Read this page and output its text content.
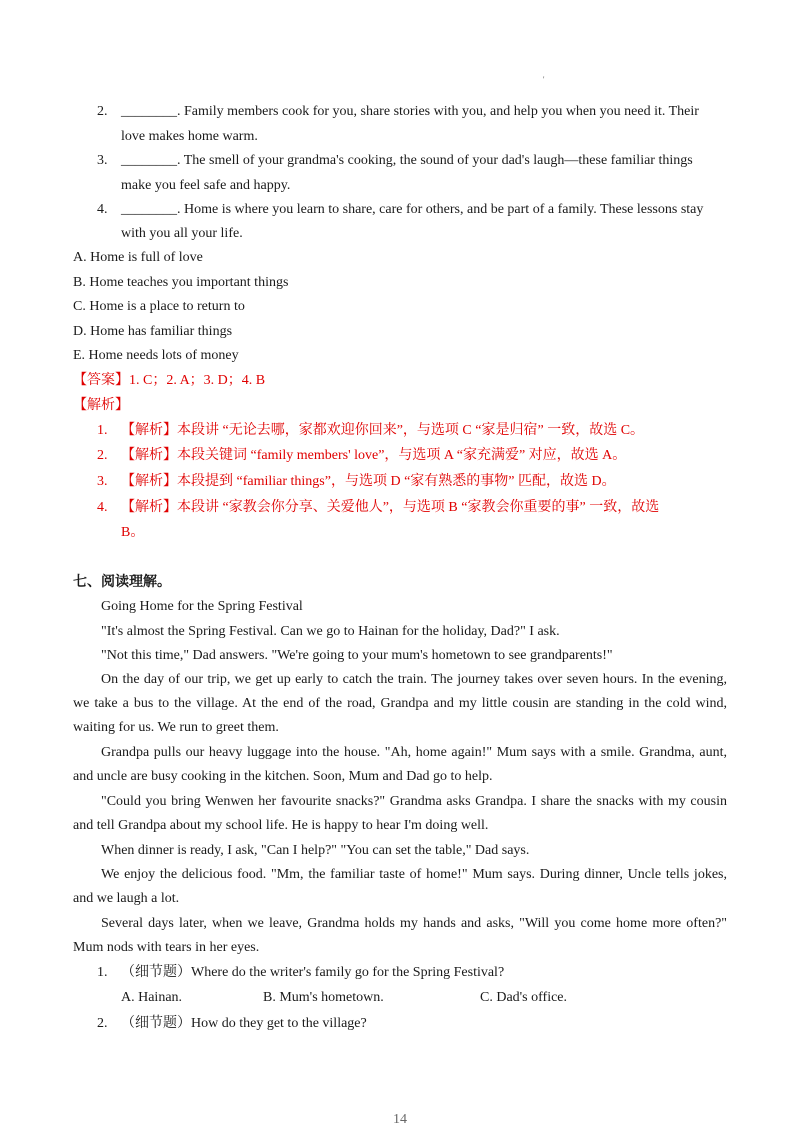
'
2. ________. Family members cook for you, share stories with you, and help you when you need it. Their
love makes home warm.
3. ________. The smell of your grandma's cooking, the sound of your dad's laugh—these familiar things
make you feel safe and happy.
4. ________. Home is where you learn to share, care for others, and be part of a family. These lessons stay
with you all your life.
A. Home is full of love
B. Home teaches you important things
C. Home is a place to return to
D. Home has familiar things
E. Home needs lots of money
【答案】1. C；2. A；3. D；4. B
【解析】
1. 【解析】本段讲 “无论去哪，家都欢迎你回来”，与选项 C “家是归宿” 一致，故选 C。
2. 【解析】本段关键词 “family members' love”，与选项 A “家充满爱” 对应，故选 A。
3. 【解析】本段提到 “familiar things”，与选项 D “家有熟悉的事物” 匹配，故选 D。
4. 【解析】本段讲 “家教会你分享、关爱他人”，与选项 B “家教会你重要的事” 一致，故选
B。
七、阅读理解。
Going Home for the Spring Festival
"It's almost the Spring Festival. Can we go to Hainan for the holiday, Dad?" I ask.
"Not this time," Dad answers. "We're going to your mum's hometown to see grandparents!"
On the day of our trip, we get up early to catch the train. The journey takes over seven hours. In the evening,
we take a bus to the village. At the end of the road, Grandpa and my little cousin are standing in the cold wind,
waiting for us. We run to greet them.
Grandpa pulls our heavy luggage into the house. "Ah, home again!" Mum says with a smile. Grandma, aunt,
and uncle are busy cooking in the kitchen. Soon, Mum and Dad go to help.
"Could you bring Wenwen her favourite snacks?" Grandma asks Grandpa. I share the snacks with my cousin
and tell Grandpa about my school life. He is happy to hear I'm doing well.
When dinner is ready, I ask, "Can I help?" "You can set the table," Dad says.
We enjoy the delicious food. "Mm, the familiar taste of home!" Mum says. During dinner, Uncle tells jokes,
and we laugh a lot.
Several days later, when we leave, Grandma holds my hands and asks, "Will you come home more often?"
Mum nods with tears in her eyes.
1. （细节题）Where do the writer's family go for the Spring Festival?
A. Hainan.	B. Mum's hometown.	C. Dad's office.
2. （细节题）How do they get to the village?
14
